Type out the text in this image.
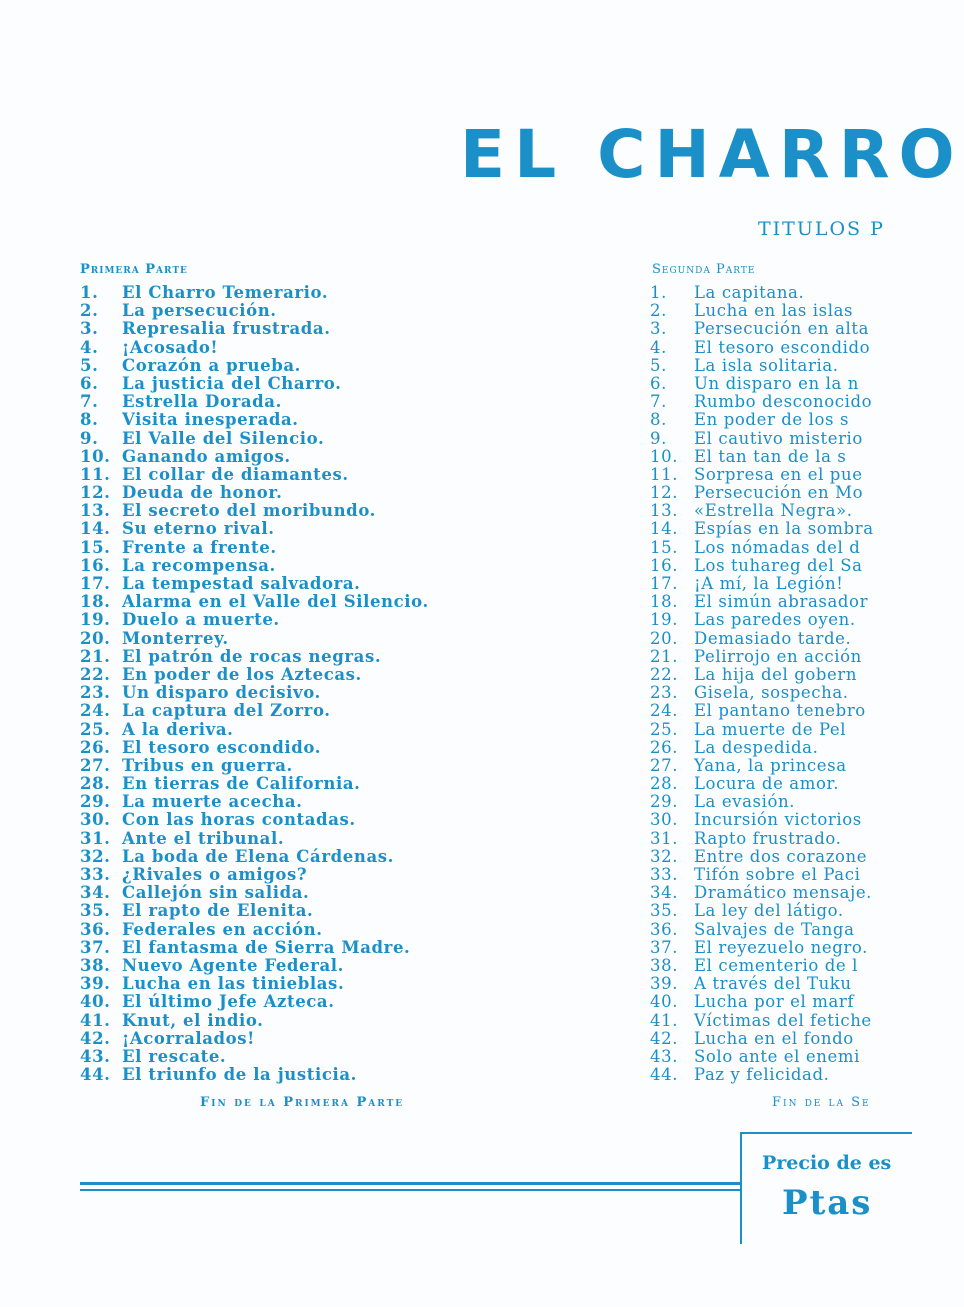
EL CHARRO
TITULOS P
Primera Parte
1. El Charro Temerario.
2. La persecución.
3. Represalia frustrada.
4. ¡Acosado!
5. Corazón a prueba.
6. La justicia del Charro.
7. Estrella Dorada.
8. Visita inesperada.
9. El Valle del Silencio.
10. Ganando amigos.
11. El collar de diamantes.
12. Deuda de honor.
13. El secreto del moribundo.
14. Su eterno rival.
15. Frente a frente.
16. La recompensa.
17. La tempestad salvadora.
18. Alarma en el Valle del Silencio.
19. Duelo a muerte.
20. Monterrey.
21. El patrón de rocas negras.
22. En poder de los Aztecas.
23. Un disparo decisivo.
24. La captura del Zorro.
25. A la deriva.
26. El tesoro escondido.
27. Tribus en guerra.
28. En tierras de California.
29. La muerte acecha.
30. Con las horas contadas.
31. Ante el tribunal.
32. La boda de Elena Cárdenas.
33. ¿Rivales o amigos?
34. Callejón sin salida.
35. El rapto de Elenita.
36. Federales en acción.
37. El fantasma de Sierra Madre.
38. Nuevo Agente Federal.
39. Lucha en las tinieblas.
40. El último Jefe Azteca.
41. Knut, el indio.
42. ¡Acorralados!
43. El rescate.
44. El triunfo de la justicia.
Fin de la Primera Parte
Segunda Parte
1. La capitana.
2. Lucha en las islas
3. Persecución en alta
4. El tesoro escondido
5. La isla solitaria.
6. Un disparo en la n
7. Rumbo desconocido
8. En poder de los s
9. El cautivo misterio
10. El tan tan de la s
11. Sorpresa en el pue
12. Persecución en Mo
13. «Estrella Negra».
14. Espías en la sombra
15. Los nómadas del d
16. Los tuhareg del Sa
17. ¡A mí, la Legión!
18. El simún abrasador
19. Las paredes oyen.
20. Demasiado tarde.
21. Pelirrojo en acción
22. La hija del gobern
23. Gisela, sospecha.
24. El pantano tenebro
25. La muerte de Pel
26. La despedida.
27. Yana, la princesa
28. Locura de amor.
29. La evasión.
30. Incursión victorios
31. Rapto frustrado.
32. Entre dos corazone
33. Tifón sobre el Paci
34. Dramático mensaje.
35. La ley del látigo.
36. Salvajes de Tanga
37. El reyezuelo negro.
38. El cementerio de l
39. A través del Tuku
40. Lucha por el marf
41. Víctimas del fetiche
42. Lucha en el fondo
43. Solo ante el enemi
44. Paz y felicidad.
Fin de la Se
Precio de es
Ptas
